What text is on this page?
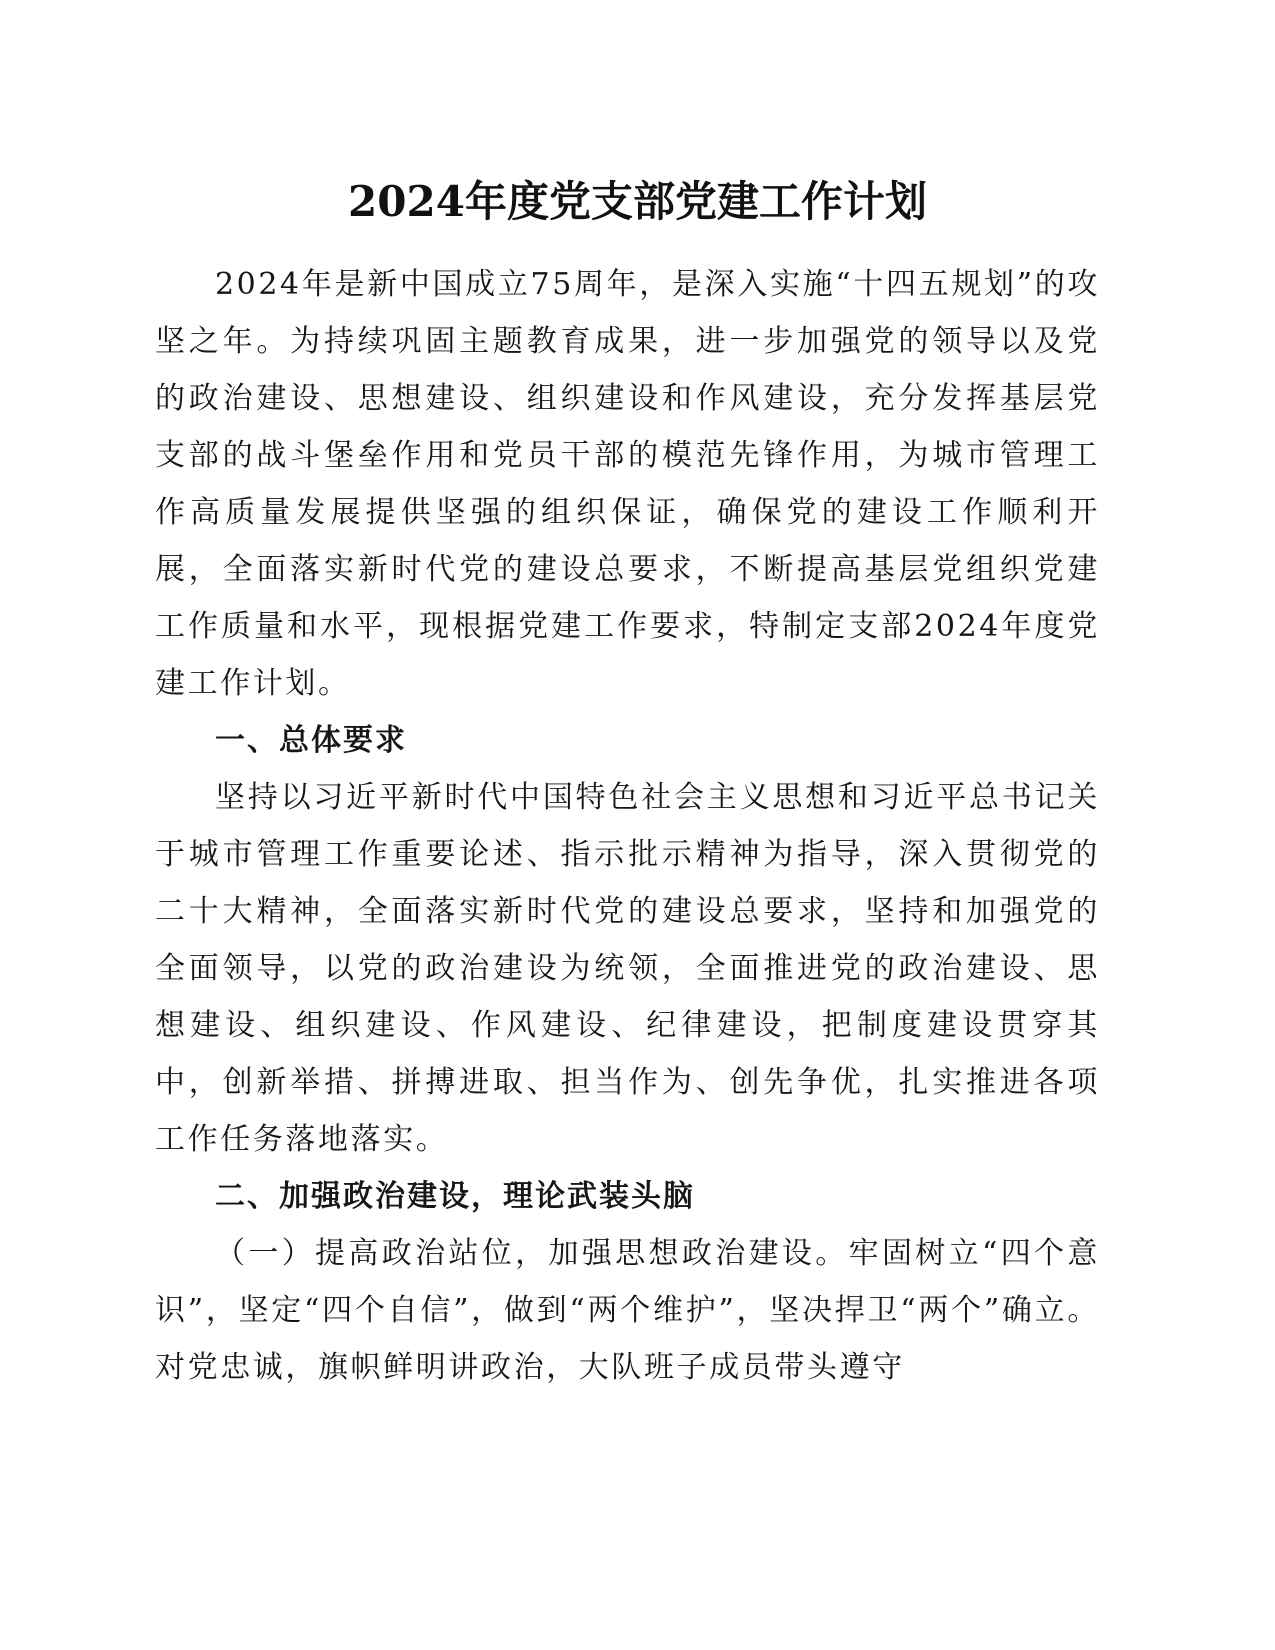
2024年度党支部党建工作计划

2024年是新中国成立75周年，是深入实施“十四五规划”的攻坚之年。为持续巩固主题教育成果，进一步加强党的领导以及党的政治建设、思想建设、组织建设和作风建设，充分发挥基层党支部的战斗堡垒作用和党员干部的模范先锋作用，为城市管理工作高质量发展提供坚强的组织保证，确保党的建设工作顺利开展，全面落实新时代党的建设总要求，不断提高基层党组织党建工作质量和水平，现根据党建工作要求，特制定支部2024年度党建工作计划。

一、总体要求

坚持以习近平新时代中国特色社会主义思想和习近平总书记关于城市管理工作重要论述、指示批示精神为指导，深入贯彻党的二十大精神，全面落实新时代党的建设总要求，坚持和加强党的全面领导，以党的政治建设为统领，全面推进党的政治建设、思想建设、组织建设、作风建设、纪律建设，把制度建设贯穿其中，创新举措、拼搏进取、担当作为、创先争优，扎实推进各项工作任务落地落实。

二、加强政治建设，理论武装头脑

（一）提高政治站位，加强思想政治建设。牢固树立“四个意识”，坚定“四个自信”，做到“两个维护”，坚决捍卫“两个”确立。对党忠诚，旗帜鲜明讲政治，大队班子成员带头遵守
